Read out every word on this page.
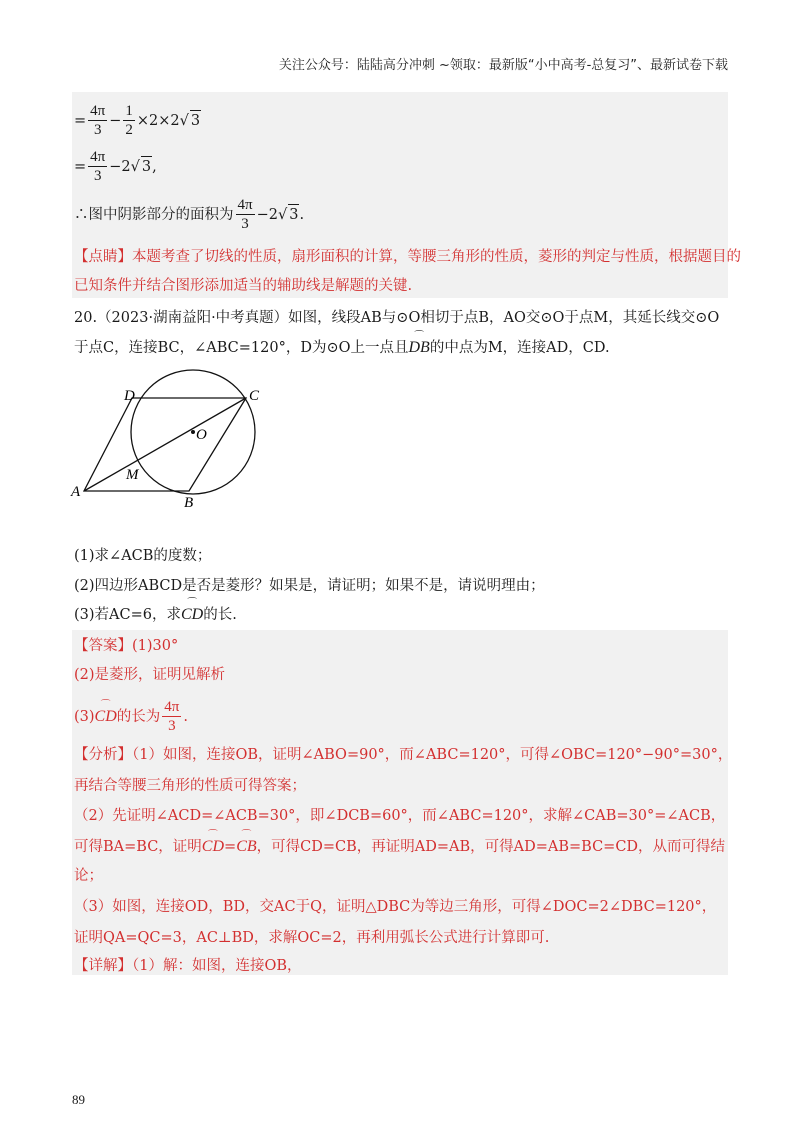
关注公众号：陆陆高分冲刺 ~领取：最新版“小中高考-总复习”、最新试卷下载
= $\frac{4\pi}{3} - \frac{1}{2} \times 2\times 2√$ 3
= $\frac{4\pi}{3} -2√$ 3,
∴图中阴影部分的面积为 $\frac{4\pi}{3} -2√$ 3.
【点睛】本题考查了切线的性质，扇形面积的计算，等腰三角形的性质，菱形的判定与性质，根据题目的
已知条件并结合图形添加适当的辅助线是解题的关键.
20.（2023·湖南益阳·中考真题）如图，线段AB与⊙O相切于点B，AO交⊙O于点M，其延长线交⊙O
于点C，连接BC，∠ABC=120°，D为⊙O上一点且⌒ DB的中点为M，连接AD，CD.
A
B
C
D
O
M
(1)求∠ACB的度数；
(2)四边形ABCD是否是菱形？如果是，请证明；如果不是，请说明理由；
(3)若AC=6，求⌒ CD的长.
【答案】(1)30°
(2)是菱形，证明见解析
(3)⌒ CD的长为 $\frac{4\pi}{3}$ .
【分析】（1）如图，连接OB，证明∠ABO=90°，而∠ABC=120°，可得∠OBC=120°−90°=30°，
再结合等腰三角形的性质可得答案；
（2）先证明∠ACD=∠ACB=30°，即∠DCB=60°，而∠ABC=120°，求解∠CAB=30°=∠ACB，
可得BA=BC，证明⌒ CD=⌒ CB，可得CD=CB，再证明AD=AB，可得AD=AB=BC=CD，从而可得结
论；
（3）如图，连接OD，BD，交AC于Q，证明△DBC为等边三角形，可得∠DOC=2∠DBC=120°，
证明QA=QC=3，AC⊥BD，求解OC=2，再利用弧长公式进行计算即可.
【详解】（1）解：如图，连接OB，
89
